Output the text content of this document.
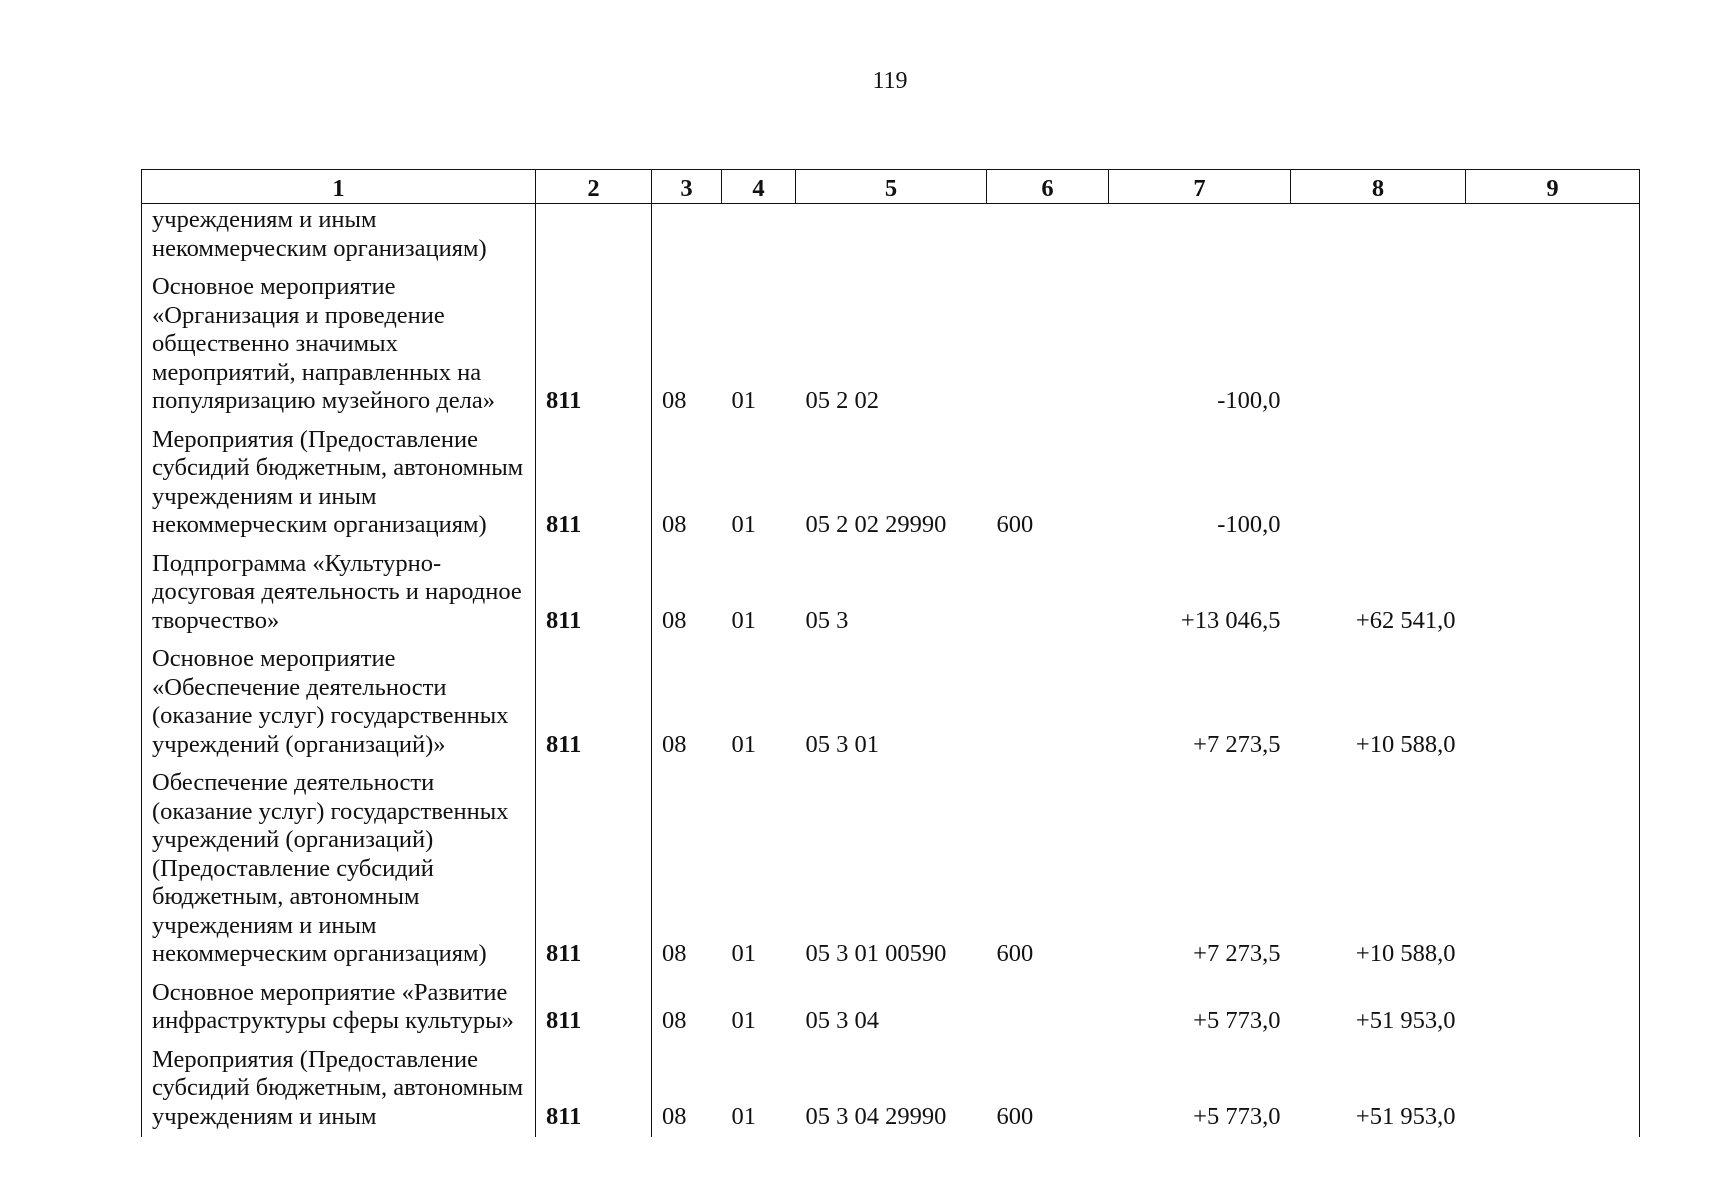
119
1	2	3	4	5	6	7	8	9
учреждениям и иным некоммерческим организациям)								
Основное мероприятие «Организация и проведение общественно значимых мероприятий, направленных на популяризацию музейного дела»	811	08	01	05 2 02		-100,0		
Мероприятия (Предоставление субсидий бюджетным, автономным учреждениям и иным некоммерческим организациям)	811	08	01	05 2 02 29990	600	-100,0		
Подпрограмма «Культурно-досуговая деятельность и народное творчество»	811	08	01	05 3		+13 046,5	+62 541,0	
Основное мероприятие «Обеспечение деятельности (оказание услуг) государственных учреждений (организаций)»	811	08	01	05 3 01		+7 273,5	+10 588,0	
Обеспечение деятельности (оказание услуг) государственных учреждений (организаций) (Предоставление субсидий бюджетным, автономным учреждениям и иным некоммерческим организациям)	811	08	01	05 3 01 00590	600	+7 273,5	+10 588,0	
Основное мероприятие «Развитие инфраструктуры сферы культуры»	811	08	01	05 3 04		+5 773,0	+51 953,0	
Мероприятия (Предоставление субсидий бюджетным, автономным учреждениям и иным	811	08	01	05 3 04 29990	600	+5 773,0	+51 953,0	
